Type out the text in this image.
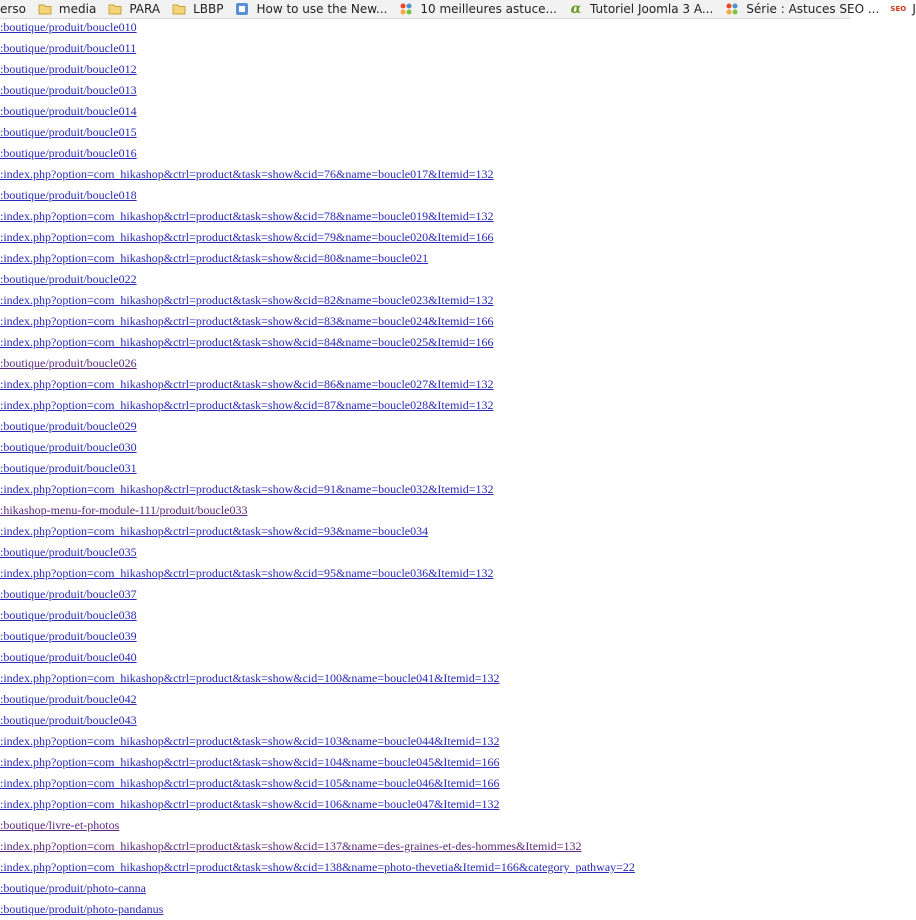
erso	media	PARA	LBBP	How to use the New...	10 meilleures astuce... α Tutoriel Joomla 3 A...	Série : Astuces SEO ... SEO J
:boutique/produit/boucle010
:boutique/produit/boucle011
:boutique/produit/boucle012
:boutique/produit/boucle013
:boutique/produit/boucle014
:boutique/produit/boucle015
:boutique/produit/boucle016
:index.php?option=com_hikashop&ctrl=product&task=show&cid=76&name=boucle017&Itemid=132
:boutique/produit/boucle018
:index.php?option=com_hikashop&ctrl=product&task=show&cid=78&name=boucle019&Itemid=132
:index.php?option=com_hikashop&ctrl=product&task=show&cid=79&name=boucle020&Itemid=166
:index.php?option=com_hikashop&ctrl=product&task=show&cid=80&name=boucle021
:boutique/produit/boucle022
:index.php?option=com_hikashop&ctrl=product&task=show&cid=82&name=boucle023&Itemid=132
:index.php?option=com_hikashop&ctrl=product&task=show&cid=83&name=boucle024&Itemid=166
:index.php?option=com_hikashop&ctrl=product&task=show&cid=84&name=boucle025&Itemid=166
:boutique/produit/boucle026
:index.php?option=com_hikashop&ctrl=product&task=show&cid=86&name=boucle027&Itemid=132
:index.php?option=com_hikashop&ctrl=product&task=show&cid=87&name=boucle028&Itemid=132
:boutique/produit/boucle029
:boutique/produit/boucle030
:boutique/produit/boucle031
:index.php?option=com_hikashop&ctrl=product&task=show&cid=91&name=boucle032&Itemid=132
:hikashop-menu-for-module-111/produit/boucle033
:index.php?option=com_hikashop&ctrl=product&task=show&cid=93&name=boucle034
:boutique/produit/boucle035
:index.php?option=com_hikashop&ctrl=product&task=show&cid=95&name=boucle036&Itemid=132
:boutique/produit/boucle037
:boutique/produit/boucle038
:boutique/produit/boucle039
:boutique/produit/boucle040
:index.php?option=com_hikashop&ctrl=product&task=show&cid=100&name=boucle041&Itemid=132
:boutique/produit/boucle042
:boutique/produit/boucle043
:index.php?option=com_hikashop&ctrl=product&task=show&cid=103&name=boucle044&Itemid=132
:index.php?option=com_hikashop&ctrl=product&task=show&cid=104&name=boucle045&Itemid=166
:index.php?option=com_hikashop&ctrl=product&task=show&cid=105&name=boucle046&Itemid=166
:index.php?option=com_hikashop&ctrl=product&task=show&cid=106&name=boucle047&Itemid=132
:boutique/livre-et-photos
:index.php?option=com_hikashop&ctrl=product&task=show&cid=137&name=des-graines-et-des-hommes&Itemid=132
:index.php?option=com_hikashop&ctrl=product&task=show&cid=138&name=photo-thevetia&Itemid=166&category_pathway=22
:boutique/produit/photo-canna
:boutique/produit/photo-pandanus
